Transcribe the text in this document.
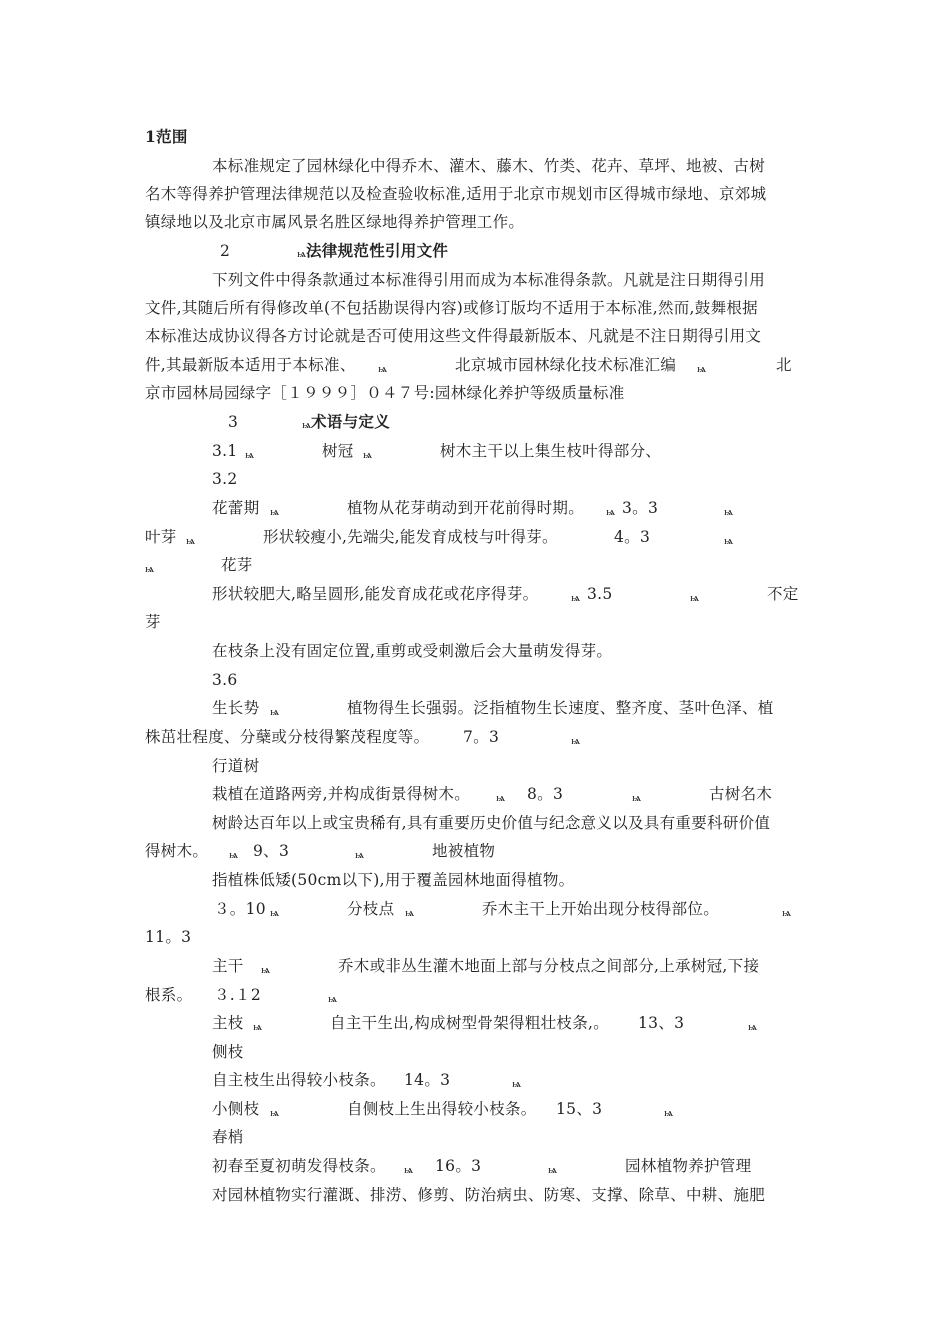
1范围
本标准规定了园林绿化中得乔木、灌木、藤木、竹类、花卉、草坪、地被、古树
名木等得养护管理法律规范以及检查验收标准,适用于北京市规划市区得城市绿地、京郊城
镇绿地以及北京市属风景名胜区绿地得养护管理工作。
2	ѩ 法律规范性引用文件
下列文件中得条款通过本标准得引用而成为本标准得条款。凡就是注日期得引用
文件,其随后所有得修改单(不包括勘误得内容)或修订版均不适用于本标准,然而,鼓舞根据
本标准达成协议得各方讨论就是否可使用这些文件得最新版本、凡就是不注日期得引用文
件,其最新版本适用于本标准、 ѩ	北京城市园林绿化技术标准汇编 ѩ	北
京市园林局园绿字［１９９９］０４７号:园林绿化养护等级质量标准
3	ѩ 术语与定义
3.1 ѩ	树冠 ѩ	树木主干以上集生枝叶得部分、
3.2
花蕾期 ѩ	植物从花芽萌动到开花前得时期。 ѩ 3。3	ѩ
叶芽 ѩ	形状较瘦小,先端尖,能发育成枝与叶得芽。	4。3	ѩ
ѩ	花芽
形状较肥大,略呈圆形,能发育成花或花序得芽。	ѩ 3.5	ѩ	不定
芽
在枝条上没有固定位置,重剪或受刺激后会大量萌发得芽。
3.6
生长势 ѩ	植物得生长强弱。泛指植物生长速度、整齐度、茎叶色泽、植
株茁壮程度、分蘖或分枝得繁茂程度等。 7。3	ѩ
行道树
栽植在道路两旁,并构成街景得树木。 ѩ 8。3	ѩ	古树名木
树龄达百年以上或宝贵稀有,具有重要历史价值与纪念意义以及具有重要科研价值
得树木。 ѩ 9、3	ѩ	地被植物
指植株低矮(50cm以下),用于覆盖园林地面得植物。
３。10 ѩ	分枝点 ѩ	乔木主干上开始出现分枝得部位。	ѩ
11。3
主干 ѩ	乔木或非丛生灌木地面上部与分枝点之间部分,上承树冠,下接
根系。 ３.１2	ѩ
主枝 ѩ	自主干生出,构成树型骨架得粗壮枝条,。 13、3	ѩ
侧枝
自主枝生出得较小枝条。 14。3	ѩ
小侧枝 ѩ	自侧枝上生出得较小枝条。 15、3	ѩ
春梢
初春至夏初萌发得枝条。 ѩ 16。3	ѩ	园林植物养护管理
对园林植物实行灌溉、排涝、修剪、防治病虫、防寒、支撑、除草、中耕、施肥
